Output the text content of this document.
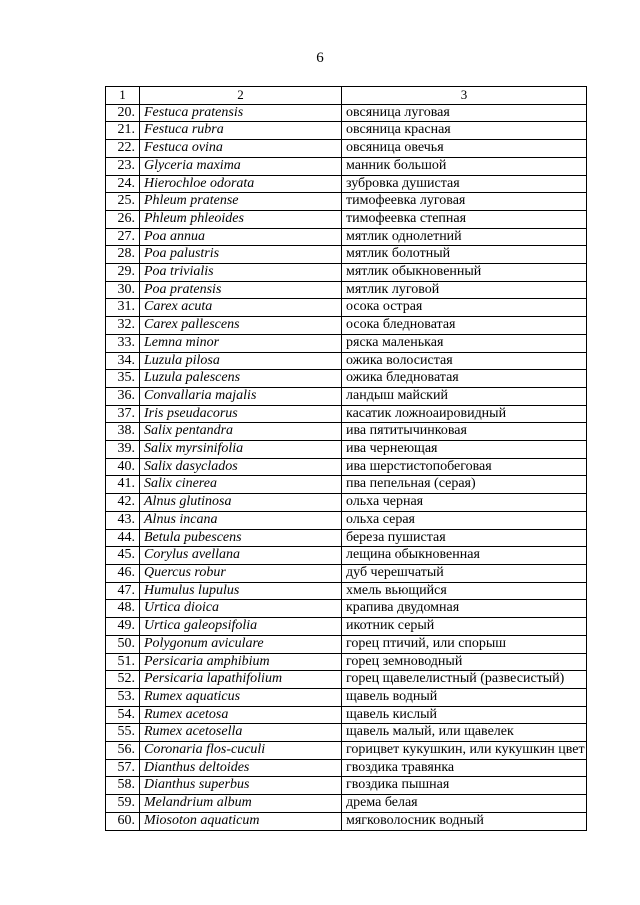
6
1	2	3
20.	Festuca pratensis	овсяница луговая
21.	Festuca rubra	овсяница красная
22.	Festuca ovina	овсяница овечья
23.	Glyceria maxima	манник большой
24.	Hierochloe odorata	зубровка душистая
25.	Phleum pratense	тимофеевка луговая
26.	Phleum phleoides	тимофеевка степная
27.	Poa annua	мятлик однолетний
28.	Poa palustris	мятлик болотный
29.	Poa trivialis	мятлик обыкновенный
30.	Poa pratensis	мятлик луговой
31.	Carex acuta	осока острая
32.	Carex pallescens	осока бледноватая
33.	Lemna minor	ряска маленькая
34.	Luzula pilosa	ожика волосистая
35.	Luzula palescens	ожика бледноватая
36.	Convallaria majalis	ландыш майский
37.	Iris pseudacorus	касатик ложноаировидный
38.	Salix pentandra	ива пятитычинковая
39.	Salix myrsinifolia	ива чернеющая
40.	Salix dasyclados	ива шерстистопобеговая
41.	Salix cinerea	пва пепельная (серая)
42.	Alnus glutinosa	ольха черная
43.	Alnus incana	ольха серая
44.	Betula pubescens	береза пушистая
45.	Corylus avellana	лещина обыкновенная
46.	Quercus robur	дуб черешчатый
47.	Humulus lupulus	хмель вьющийся
48.	Urtica dioica	крапива двудомная
49.	Urtica galeopsifolia	икотник серый
50.	Polygonum aviculare	горец птичий, или спорыш
51.	Persicaria amphibium	горец земноводный
52.	Persicaria lapathifolium	горец щавелелистный (развесистый)
53.	Rumex aquaticus	щавель водный
54.	Rumex acetosa	щавель кислый
55.	Rumex acetosella	щавель малый, или щавелек
56.	Coronaria flos-cuculi	горицвет кукушкин, или кукушкин цвет
57.	Dianthus deltoides	гвоздика травянка
58.	Dianthus superbus	гвоздика пышная
59.	Melandrium album	дрема белая
60.	Miosoton aquaticum	мягковолосник водный
